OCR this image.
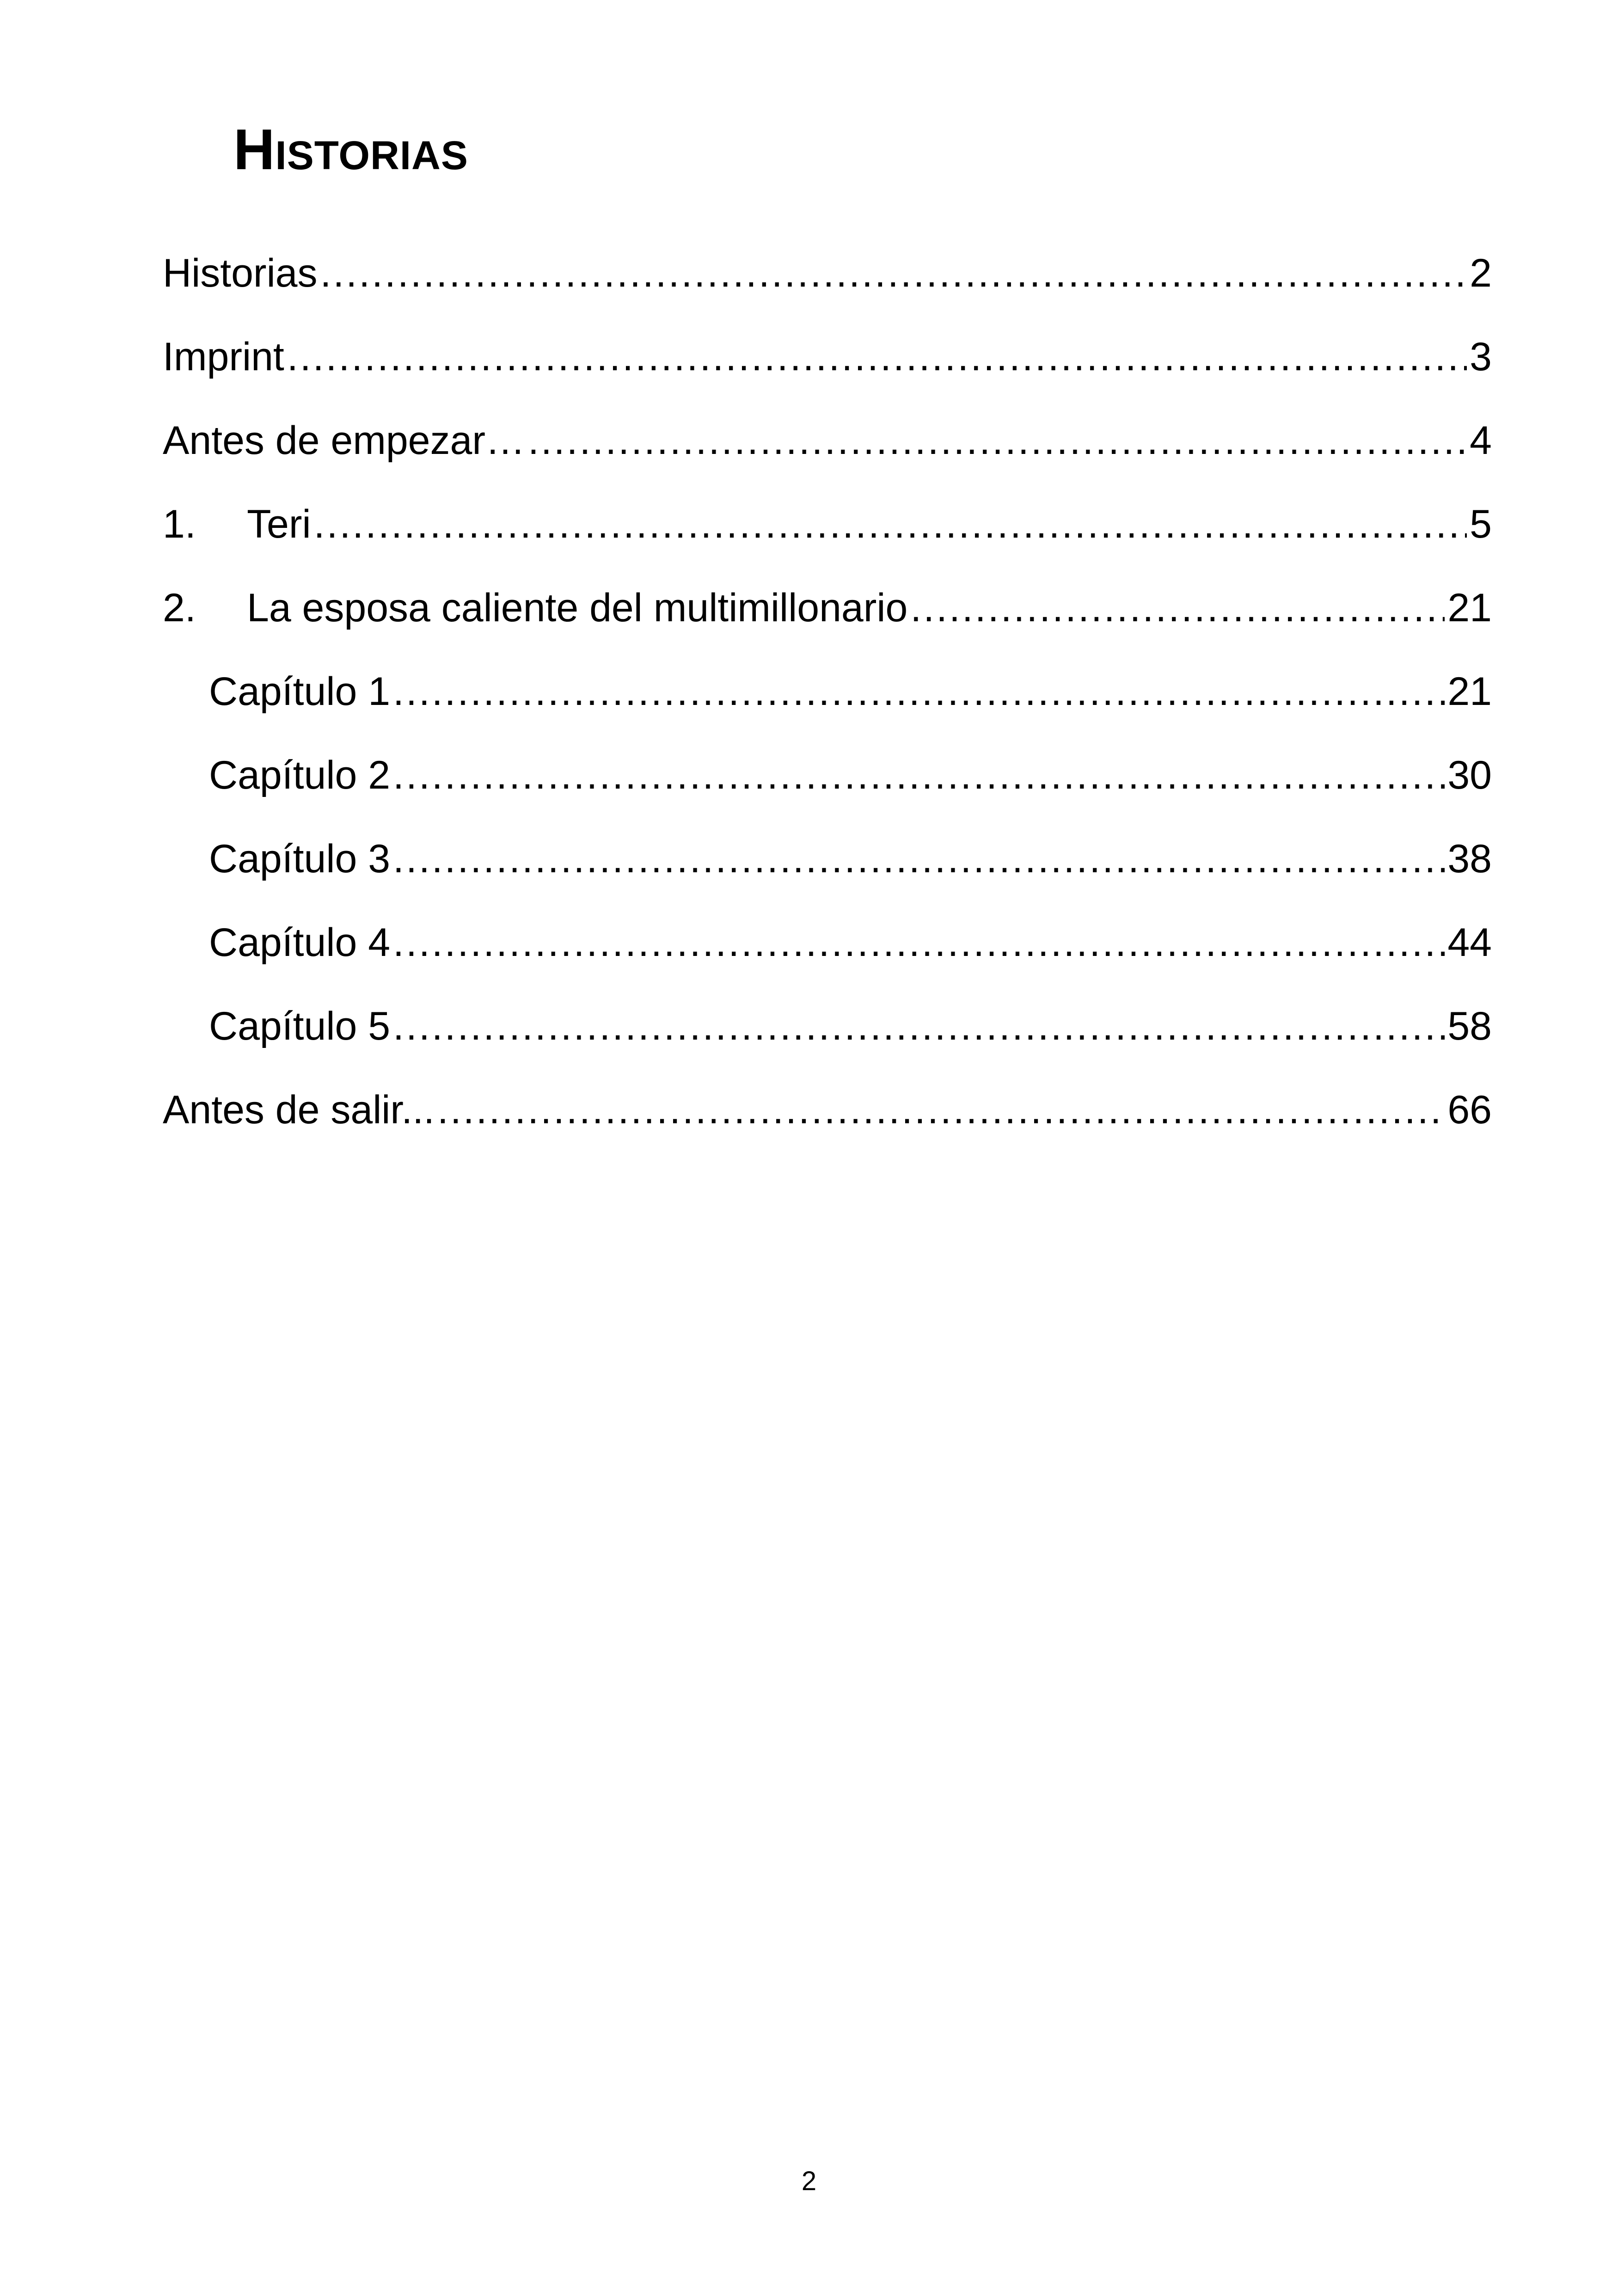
Historias
Historias .....	2
Imprint .....	3
Antes de empezar… .....	4
1.	Teri .....	5
2.	La esposa caliente del multimillonario .....	21
Capítulo 1 .....	21
Capítulo 2 .....	30
Capítulo 3 .....	38
Capítulo 4 .....	44
Capítulo 5 .....	58
Antes de salir... .....	66
2
